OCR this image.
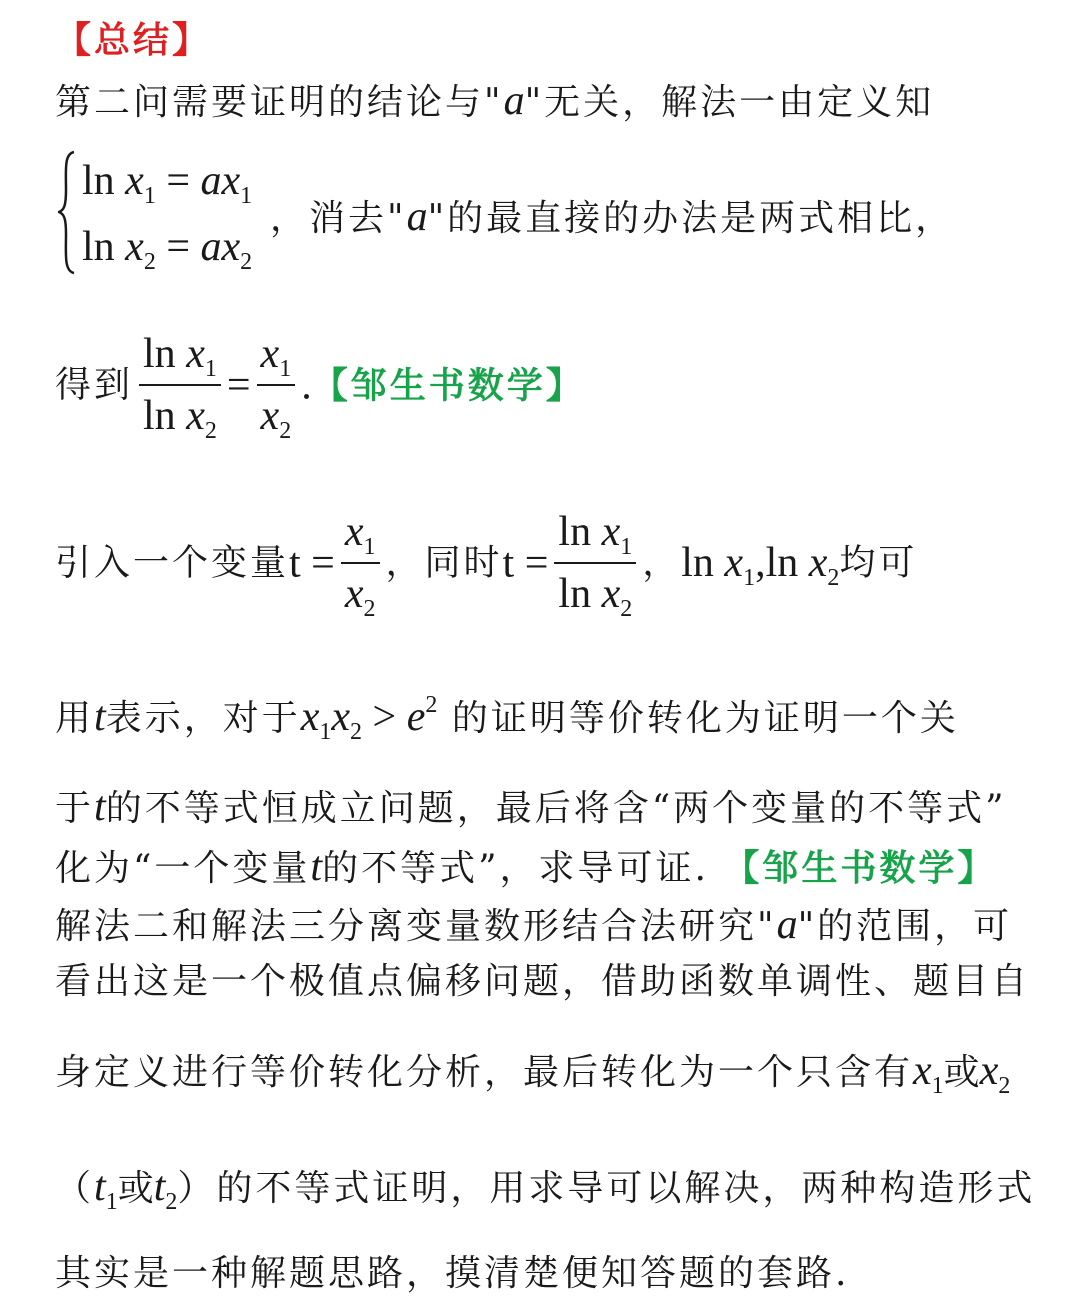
【总结】
第二问需要证明的结论与"a"无关，解法一由定义知
$\ln x_1 = ax_1$
$\ln x_2 = ax_2$
，消去"a"的最直接的办法是两式相比，
得到 $\frac{\ln x_1}{\ln x_2} = \frac{x_1}{x_2}$ .【邹生书数学】
引入一个变量$t = \frac{x_1}{x_2}$ ，同时$t = \frac{\ln x_1}{\ln x_2}$ ，$\ln x_1,\ln$ $x_2$均可
用t表示，对于$x_1x_2 > e^2$ 的证明等价转化为证明一个关
于t的不等式恒成立问题，最后将含“两个变量的不等式”
化为“一个变量t的不等式”，求导可证. 【邹生书数学】
解法二和解法三分离变量数形结合法研究"a"的范围，可
看出这是一个极值点偏移问题，借助函数单调性、题目自
身定义进行等价转化分析，最后转化为一个只含有$x_1$或$x_2$
（$t_1$或$t_2$）的不等式证明，用求导可以解决，两种构造形式
其实是一种解题思路，摸清楚便知答题的套路.
